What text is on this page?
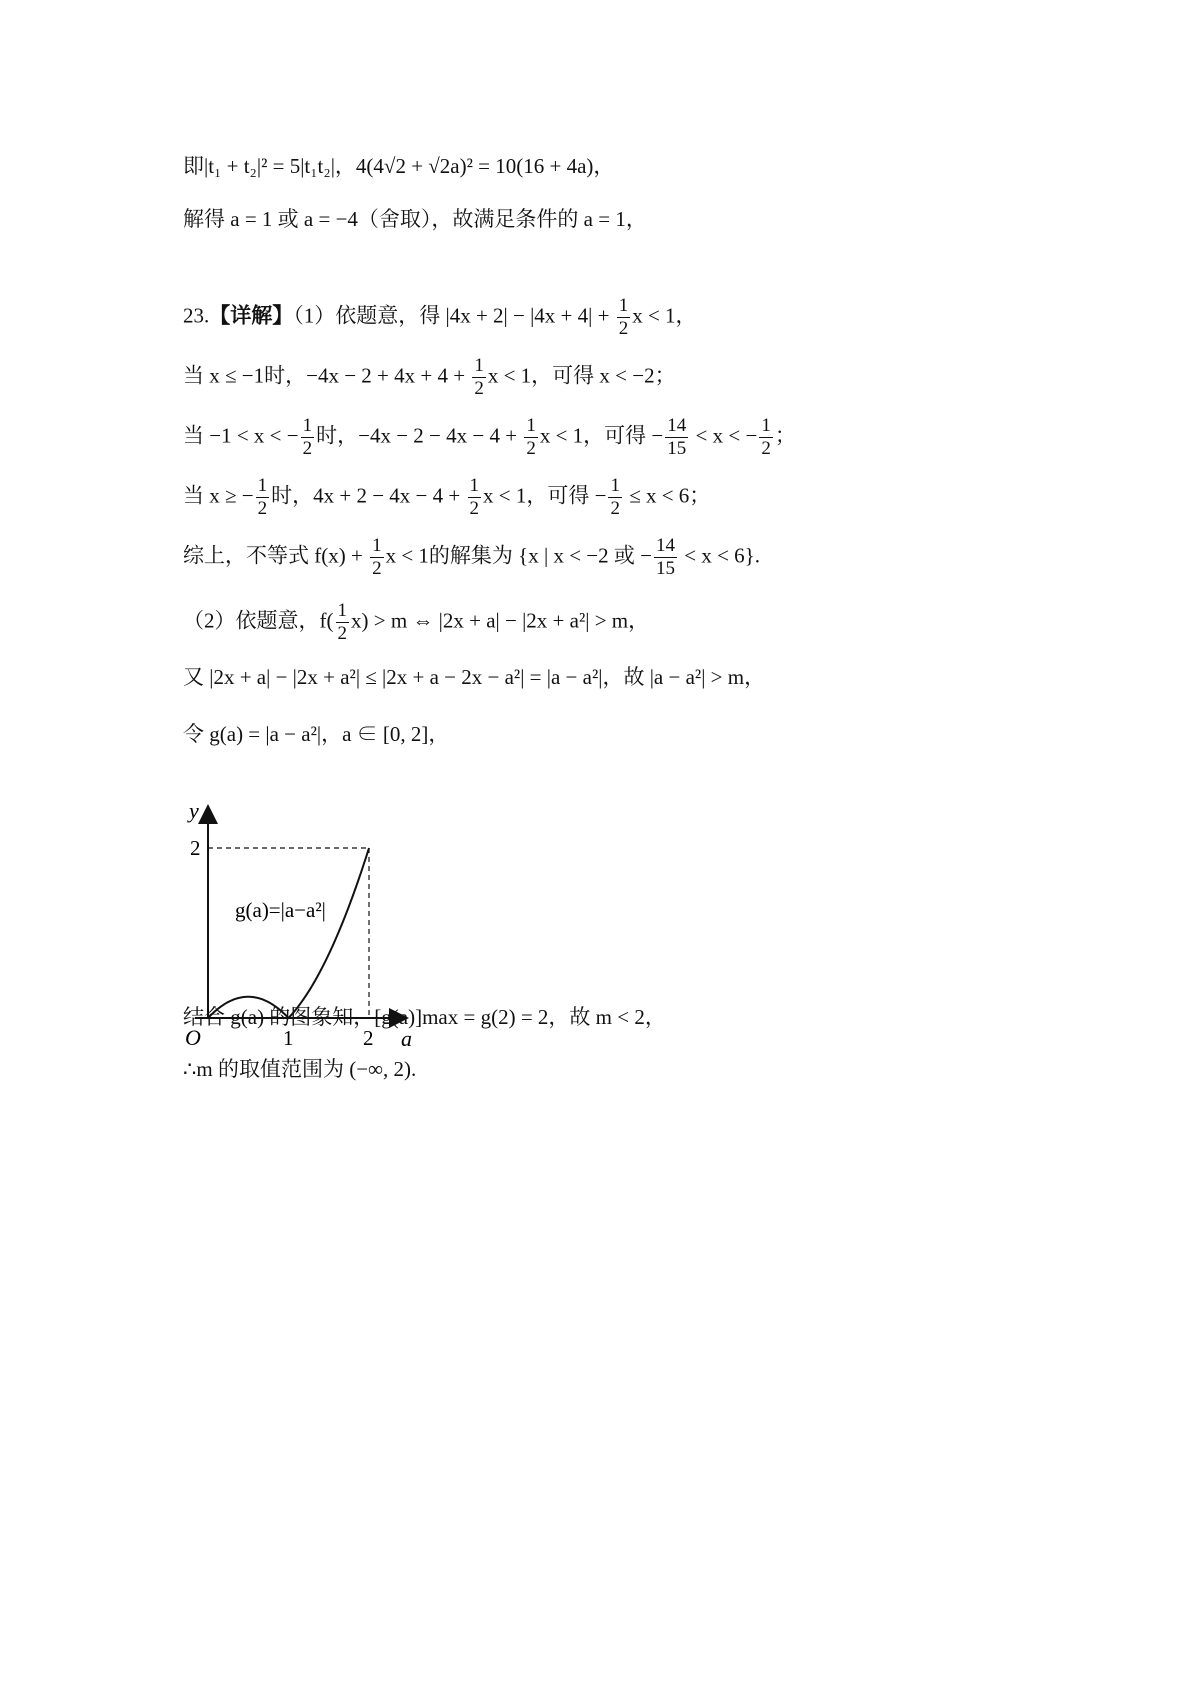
即|t₁ + t₂|² = 5|t₁t₂|，4(4√2 + √2a)² = 10(16 + 4a)，
解得 a = 1 或 a = −4（舍取），故满足条件的 a = 1，
23.【详解】（1）依题意，得 $|4x + 2| - |4x + 4| + \frac{1}{2}$ x < 1，
当 x ≤ −1时，$-4x - 2 + 4x + 4 + \frac{1}{2}$ x < 1，可得 x < −2；
当 −1 < x < − $\frac{1}{2}$ 时，$-4x - 2 - 4x - 4 + \frac{1}{2}$ x < 1，可得 − $\frac{14}{15} < x$ < − $\frac{1}{2}$ ；
当 x ≥ − $\frac{1}{2}$ 时，$4x + 2 - 4x - 4 + \frac{1}{2}$ x < 1，可得 − $\frac{1}{2} \le x < 6$；
综上，不等式 $f(x) + \frac{1}{2}$ x < 1的解集为 {x | x < −2 或 − $\frac{14}{15} < x < 6$}.
（2）依题意，$f( \frac{1}{2} x) > m$ ⇔ |2x + a| − |2x + a²| > m，
又 |2x + a| − |2x + a²| ≤ |2x + a − 2x − a²| = |a − a²|，故 |a − a²| > m，
令 g(a) = |a − a²|，a ∈ [0, 2]，
y
a
O
2
1	2
g(a)=|a−a²|
结合 g(a) 的图象知，[g(a)]max = g(2) = 2，故 m < 2，
∴m 的取值范围为 (−∞, 2).
